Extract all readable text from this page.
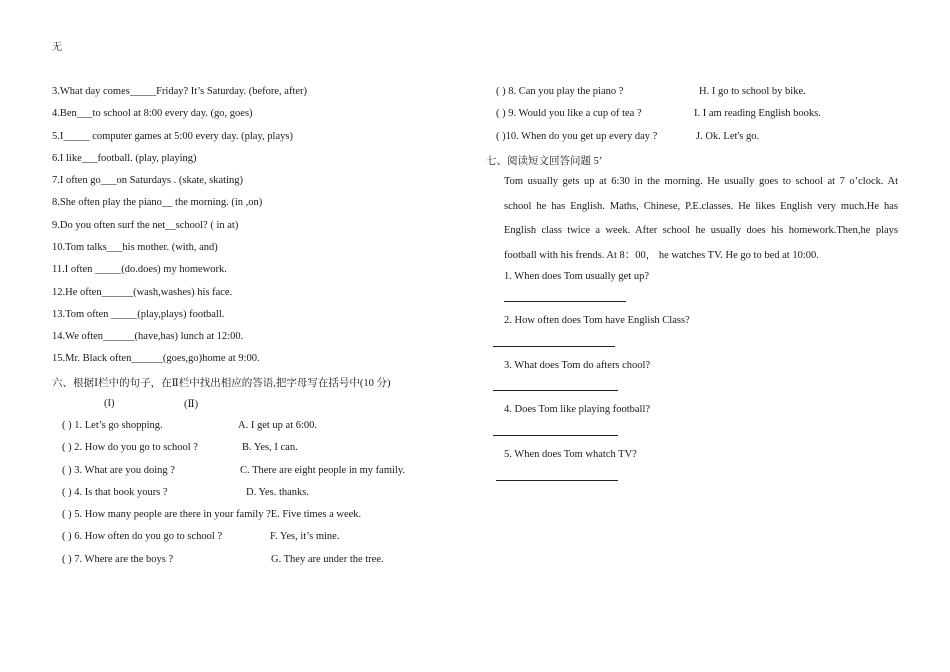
无
3.What day comes_____Friday? It’s Saturday. (before, after)
4.Ben___to school at 8:00 every day. (go, goes)
5.I_____ computer games at 5:00 every day. (play, plays)
6.I like___football. (play, playing)
7.I often go___on Saturdays . (skate, skating)
8.She often play the piano__ the morning. (in ,on)
9.Do you often surf the net__school? ( in at)
10.Tom talks___his mother. (with, and)
11.I often _____(do.does) my homework.
12.He often______(wash,washes) his face.
13.Tom often _____(play,plays) football.
14.We often______(have,has) lunch at 12:00.
15.Mr. Black often______(goes,go)home at 9:00.
六、根据Ⅰ栏中的句子，在Ⅱ栏中找出相应的答语,把字母写在括号中(10 分)
(I)	(Ⅱ)
( ) 1. Let’s go shopping.	A. I get up at 6:00.
( ) 2. How do you go to school ?	B. Yes, I can.
( ) 3. What are you doing ?	C. There are eight people in my family.
( ) 4. Is that book yours ?	D. Yes. thanks.
( ) 5. How many people are there in your family ?E. Five times a week.
( ) 6. How often do you go to school ?	F. Yes, it’s mine.
( ) 7. Where are the boys ?	G. They are under the tree.
( ) 8. Can you play the piano ?	H. I go to school by bike.
( ) 9. Would you like a cup of tea ?	I. I am reading English books.
( )10. When do you get up every day ?	J. Ok. Let's go.
七、阅读短文回答问题 5’
Tom usually gets up at 6:30 in the morning. He usually goes to school at 7 o’clock. At
school he has English. Maths, Chinese, P.E.classes. He likes English very much.He has
English class twice a week. After school he usually does his homework.Then,he plays
football with his frends. At 8：00， he watches TV. He go to bed at 10:00.
1. When does Tom usually get up?
2. How often does Tom have English Class?
3. What does Tom do afters chool?
4. Does Tom like playing football?
5. When does Tom whatch TV?
